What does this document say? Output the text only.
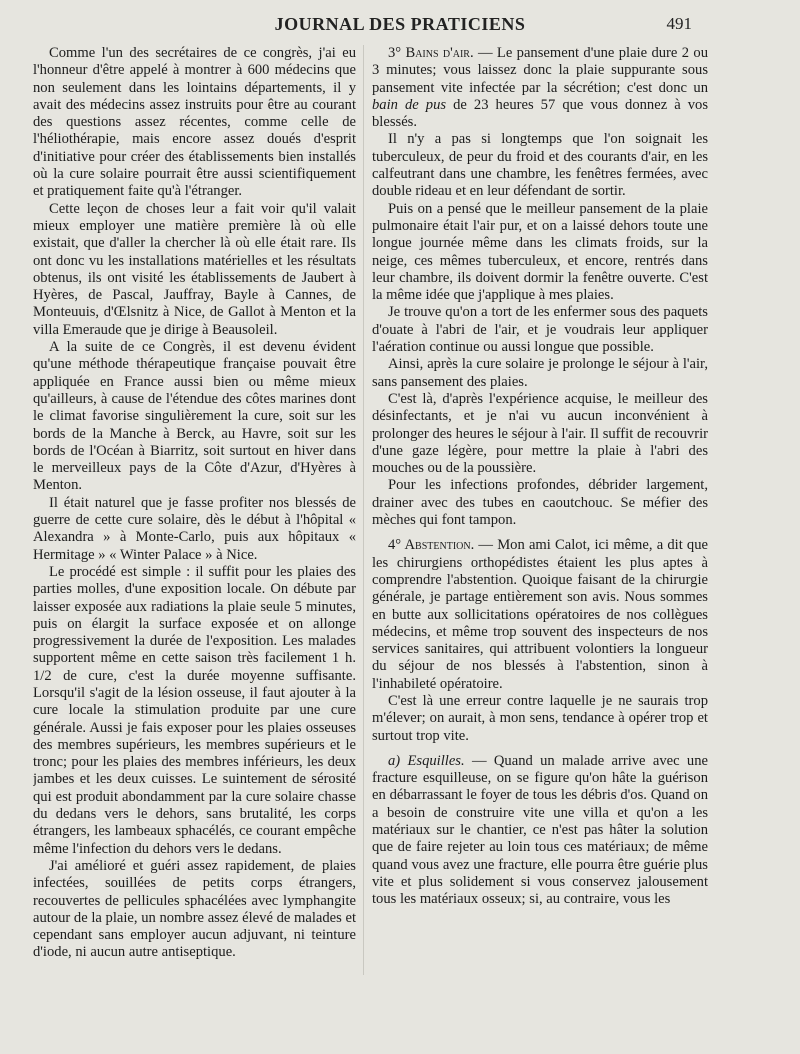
JOURNAL DES PRATICIENS	491

Comme l'un des secrétaires de ce congrès, j'ai eu l'honneur d'être appelé à montrer à 600 médecins que non seulement dans les lointains départements, il y avait des médecins assez instruits pour être au courant des questions assez récentes, comme celle de l'héliothérapie, mais encore assez doués d'esprit d'initiative pour créer des établissements bien installés où la cure solaire pourrait être aussi scientifiquement et pratiquement faite qu'à l'étranger.

Cette leçon de choses leur a fait voir qu'il valait mieux employer une matière première là où elle existait, que d'aller la chercher là où elle était rare. Ils ont donc vu les installations matérielles et les résultats obtenus, ils ont visité les établissements de Jaubert à Hyères, de Pascal, Jauffray, Bayle à Cannes, de Monteuuis, d'Œlsnitz à Nice, de Gallot à Menton et la villa Emeraude que je dirige à Beausoleil.

A la suite de ce Congrès, il est devenu évident qu'une méthode thérapeutique française pouvait être appliquée en France aussi bien ou même mieux qu'ailleurs, à cause de l'étendue des côtes marines dont le climat favorise singulièrement la cure, soit sur les bords de la Manche à Berck, au Havre, soit sur les bords de l'Océan à Biarritz, soit surtout en hiver dans le merveilleux pays de la Côte d'Azur, d'Hyères à Menton.

Il était naturel que je fasse profiter nos blessés de guerre de cette cure solaire, dès le début à l'hôpital « Alexandra » à Monte-Carlo, puis aux hôpitaux « Hermitage » « Winter Palace » à Nice.

Le procédé est simple : il suffit pour les plaies des parties molles, d'une exposition locale. On débute par laisser exposée aux radiations la plaie seule 5 minutes, puis on élargit la surface exposée et on allonge progressivement la durée de l'exposition. Les malades supportent même en cette saison très facilement 1 h. 1/2 de cure, c'est la durée moyenne suffisante. Lorsqu'il s'agit de la lésion osseuse, il faut ajouter à la cure locale la stimulation produite par une cure générale. Aussi je fais exposer pour les plaies osseuses des membres supérieurs, les membres supérieurs et le tronc; pour les plaies des membres inférieurs, les deux jambes et les deux cuisses. Le suintement de sérosité qui est produit abondamment par la cure solaire chasse du dedans vers le dehors, sans brutalité, les corps étrangers, les lambeaux sphacélés, ce courant empêche même l'infection du dehors vers le dedans.

J'ai amélioré et guéri assez rapidement, de plaies infectées, souillées de petits corps étrangers, recouvertes de pellicules sphacélées avec lymphangite autour de la plaie, un nombre assez élevé de malades et cependant sans employer aucun adjuvant, ni teinture d'iode, ni aucun autre antiseptique.

3° Bains d'air. — Le pansement d'une plaie dure 2 ou 3 minutes; vous laissez donc la plaie suppurante sous pansement vite infectée par la sécrétion; c'est donc un bain de pus de 23 heures 57 que vous donnez à vos blessés.

Il n'y a pas si longtemps que l'on soignait les tuberculeux, de peur du froid et des courants d'air, en les calfeutrant dans une chambre, les fenêtres fermées, avec double rideau et en leur défendant de sortir.

Puis on a pensé que le meilleur pansement de la plaie pulmonaire était l'air pur, et on a laissé dehors toute une longue journée même dans les climats froids, sur la neige, ces mêmes tuberculeux, et encore, rentrés dans leur chambre, ils doivent dormir la fenêtre ouverte. C'est la même idée que j'applique à mes plaies.

Je trouve qu'on a tort de les enfermer sous des paquets d'ouate à l'abri de l'air, et je voudrais leur appliquer l'aération continue ou aussi longue que possible.

Ainsi, après la cure solaire je prolonge le séjour à l'air, sans pansement des plaies.

C'est là, d'après l'expérience acquise, le meilleur des désinfectants, et je n'ai vu aucun inconvénient à prolonger des heures le séjour à l'air. Il suffit de recouvrir d'une gaze légère, pour mettre la plaie à l'abri des mouches ou de la poussière.

Pour les infections profondes, débrider largement, drainer avec des tubes en caoutchouc. Se méfier des mèches qui font tampon.

4° Abstention. — Mon ami Calot, ici même, a dit que les chirurgiens orthopédistes étaient les plus aptes à comprendre l'abstention. Quoique faisant de la chirurgie générale, je partage entièrement son avis. Nous sommes en butte aux sollicitations opératoires de nos collègues médecins, et même trop souvent des inspecteurs de nos services sanitaires, qui attribuent volontiers la longueur du séjour de nos blessés à l'abstention, sinon à l'inhabileté opératoire.

C'est là une erreur contre laquelle je ne saurais trop m'élever; on aurait, à mon sens, tendance à opérer trop et surtout trop vite.

a) Esquilles. — Quand un malade arrive avec une fracture esquilleuse, on se figure qu'on hâte la guérison en débarrassant le foyer de tous les débris d'os. Quand on a besoin de construire vite une villa et qu'on a les matériaux sur le chantier, ce n'est pas hâter la solution que de faire rejeter au loin tous ces matériaux; de même quand vous avez une fracture, elle pourra être guérie plus vite et plus solidement si vous conservez jalousement tous les matériaux osseux; si, au contraire, vous les
